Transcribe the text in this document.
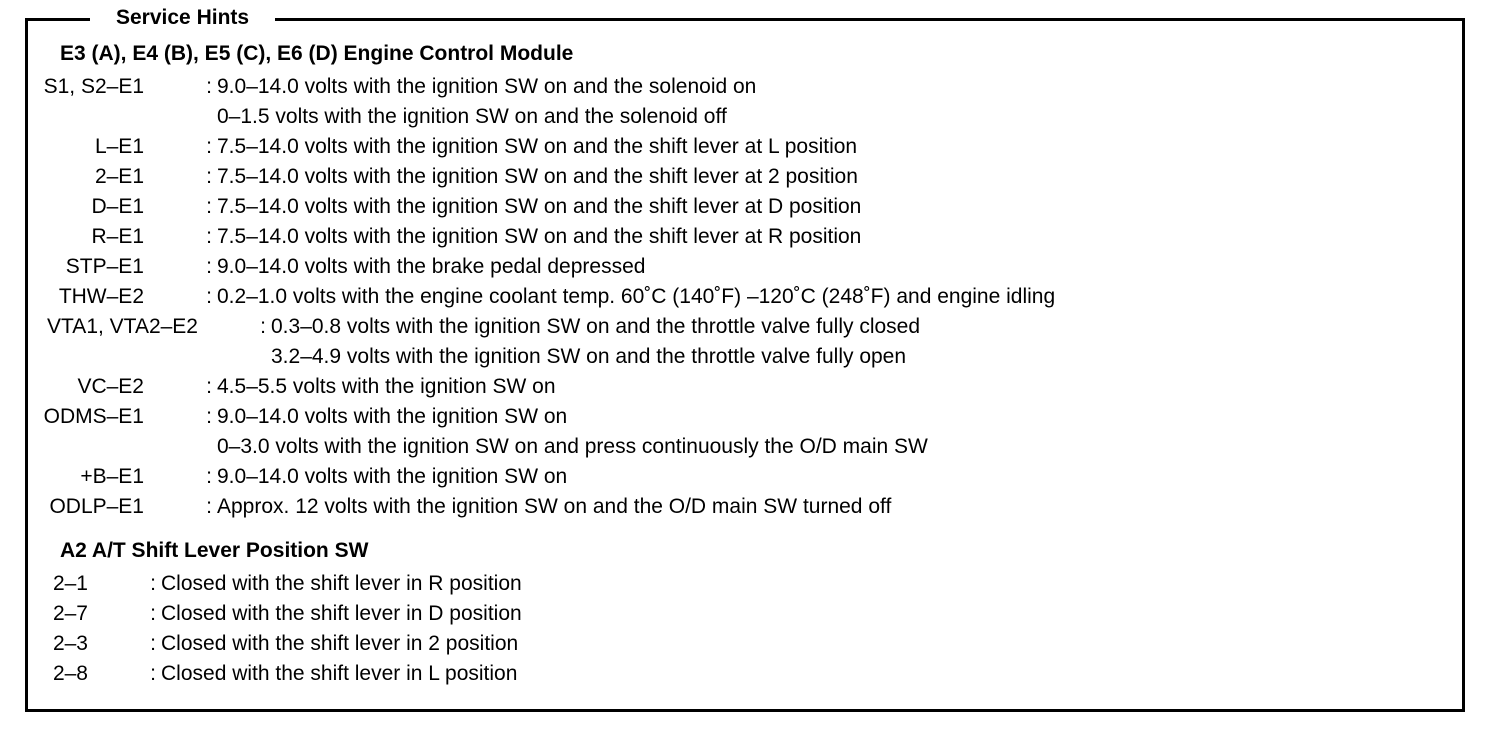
Service Hints
E3 (A), E4 (B), E5 (C), E6 (D) Engine Control Module
S1, S2–E1	: 9.0–14.0 volts with the ignition SW on and the solenoid on
0–1.5 volts with the ignition SW on and the solenoid off
L–E1	: 7.5–14.0 volts with the ignition SW on and the shift lever at L position
2–E1	: 7.5–14.0 volts with the ignition SW on and the shift lever at 2 position
D–E1	: 7.5–14.0 volts with the ignition SW on and the shift lever at D position
R–E1	: 7.5–14.0 volts with the ignition SW on and the shift lever at R position
STP–E1	: 9.0–14.0 volts with the brake pedal depressed
THW–E2	: 0.2–1.0 volts with the engine coolant temp. 60˚C (140˚F) –120˚C (248˚F) and engine idling
VTA1, VTA2–E2	: 0.3–0.8 volts with the ignition SW on and the throttle valve fully closed
3.2–4.9 volts with the ignition SW on and the throttle valve fully open
VC–E2	: 4.5–5.5 volts with the ignition SW on
ODMS–E1	: 9.0–14.0 volts with the ignition SW on
0–3.0 volts with the ignition SW on and press continuously the O/D main SW
+B–E1	: 9.0–14.0 volts with the ignition SW on
ODLP–E1	: Approx. 12 volts with the ignition SW on and the O/D main SW turned off
A2 A/T Shift Lever Position SW
2–1	: Closed with the shift lever in R position
2–7	: Closed with the shift lever in D position
2–3	: Closed with the shift lever in 2 position
2–8	: Closed with the shift lever in L position
